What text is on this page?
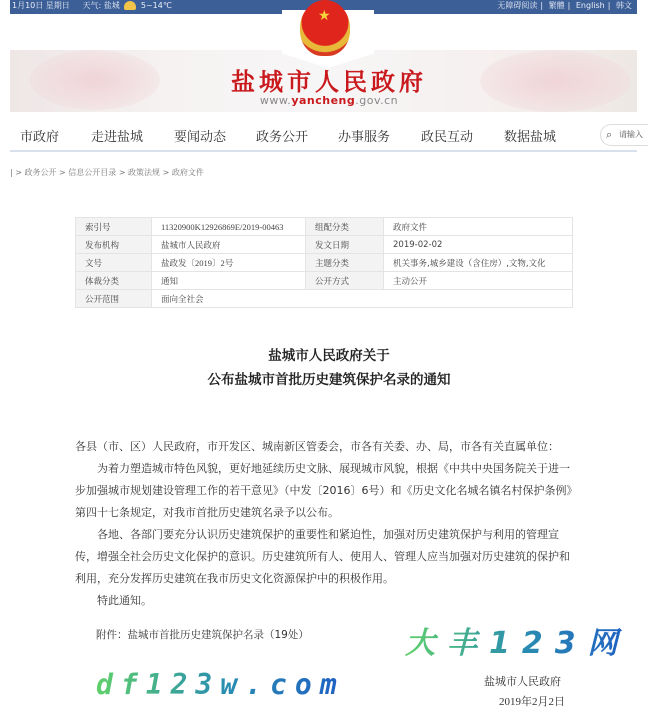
1月10日 星期日 天气: 盐城	5~14℃	无障碍阅读 | 繁體 | English | 韩文
★
盐城市人民政府
www.yancheng.gov.cn
市政府 走进盐城 要闻动态 政务公开 办事服务 政民互动 数据盐城	⌕ 请输入
| > 政务公开 > 信息公开目录 > 政策法规 > 政府文件
索引号	11320900K12926869E/2019-00463	组配分类	政府文件
发布机构	盐城市人民政府	发文日期	2019-02-02
文号	盐政发〔2019〕2号	主题分类	机关事务,城乡建设（含住房）,文物,文化
体裁分类	通知	公开方式	主动公开
公开范围	面向全社会		
盐城市人民政府关于
公布盐城市首批历史建筑保护名录的通知

各县（市、区）人民政府，市开发区、城南新区管委会，市各有关委、办、局，市各有关直属单位：

为着力塑造城市特色风貌，更好地延续历史文脉、展现城市风貌，根据《中共中央国务院关于进一步加强城市规划建设管理工作的若干意见》（中发〔2016〕6号）和《历史文化名城名镇名村保护条例》第四十七条规定，对我市首批历史建筑名录予以公布。

各地、各部门要充分认识历史建筑保护的重要性和紧迫性，加强对历史建筑保护与利用的管理宣传，增强全社会历史文化保护的意识。历史建筑所有人、使用人、管理人应当加强对历史建筑的保护和利用，充分发挥历史建筑在我市历史文化资源保护中的积极作用。

特此通知。

附件：盐城市首批历史建筑保护名录（19处）	大丰123网
df123w.com	盐城市人民政府
2019年2月2日
